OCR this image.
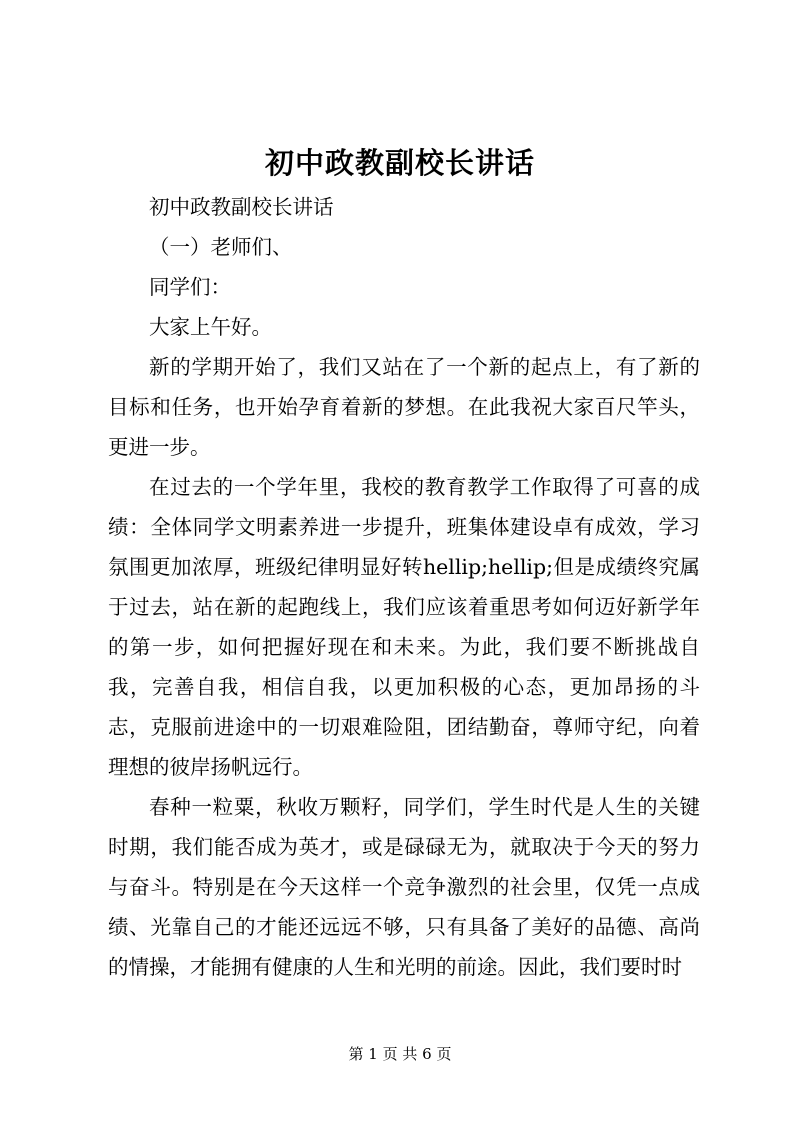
初中政教副校长讲话

初中政教副校长讲话

（一）老师们、

同学们：

大家上午好。

新的学期开始了，我们又站在了一个新的起点上，有了新的目标和任务，也开始孕育着新的梦想。在此我祝大家百尺竿头，更进一步。

在过去的一个学年里，我校的教育教学工作取得了可喜的成绩：全体同学文明素养进一步提升，班集体建设卓有成效，学习氛围更加浓厚，班级纪律明显好转hellip;hellip;但是成绩终究属于过去，站在新的起跑线上，我们应该着重思考如何迈好新学年的第一步，如何把握好现在和未来。为此，我们要不断挑战自我，完善自我，相信自我，以更加积极的心态，更加昂扬的斗志，克服前进途中的一切艰难险阻，团结勤奋，尊师守纪，向着理想的彼岸扬帆远行。

春种一粒粟，秋收万颗籽，同学们，学生时代是人生的关键时期，我们能否成为英才，或是碌碌无为，就取决于今天的努力与奋斗。特别是在今天这样一个竞争激烈的社会里，仅凭一点成绩、光靠自己的才能还远远不够，只有具备了美好的品德、高尚的情操，才能拥有健康的人生和光明的前途。因此，我们要时时

第 1 页 共 6 页
